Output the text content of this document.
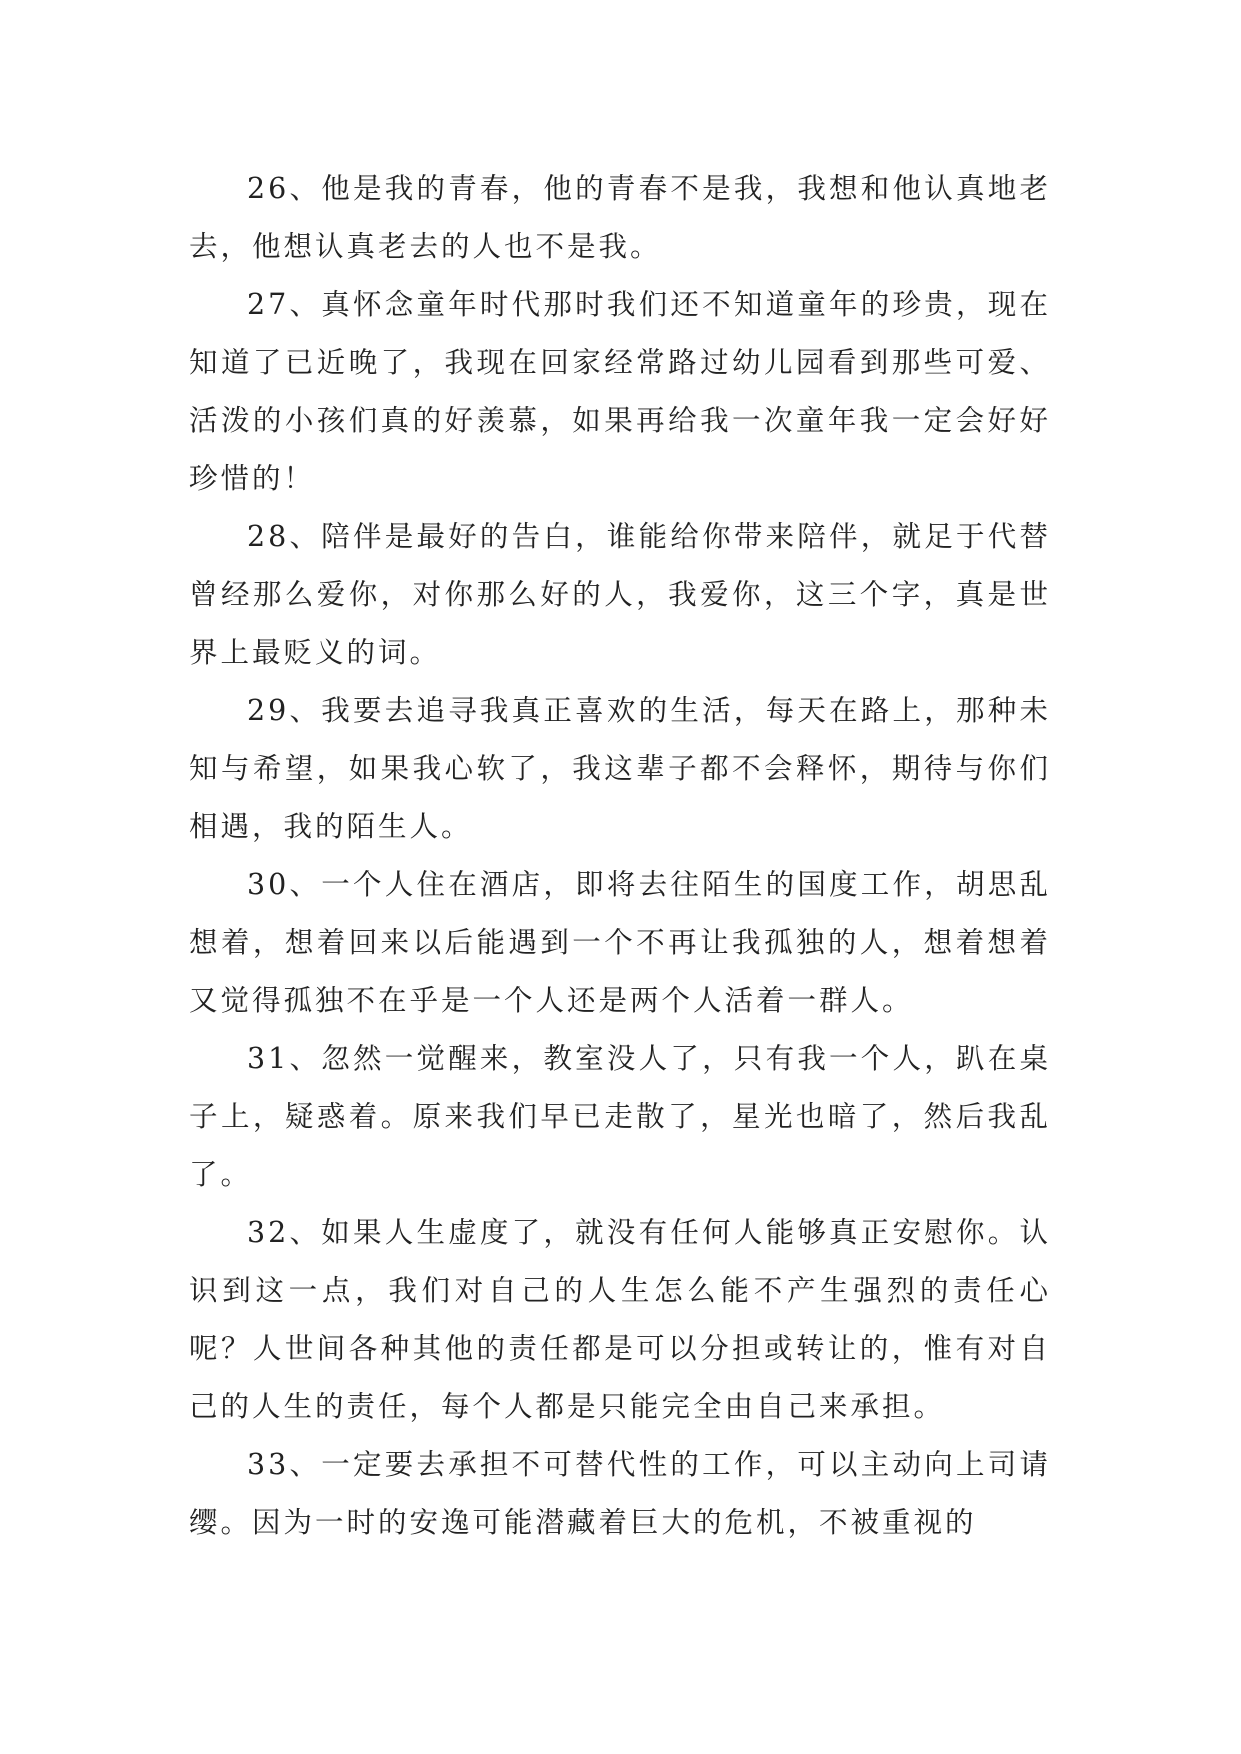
26、他是我的青春，他的青春不是我，我想和他认真地老去，他想认真老去的人也不是我。

27、真怀念童年时代那时我们还不知道童年的珍贵，现在知道了已近晚了，我现在回家经常路过幼儿园看到那些可爱、活泼的小孩们真的好羡慕，如果再给我一次童年我一定会好好珍惜的！

28、陪伴是最好的告白，谁能给你带来陪伴，就足于代替曾经那么爱你，对你那么好的人，我爱你，这三个字，真是世界上最贬义的词。

29、我要去追寻我真正喜欢的生活，每天在路上，那种未知与希望，如果我心软了，我这辈子都不会释怀，期待与你们相遇，我的陌生人。

30、一个人住在酒店，即将去往陌生的国度工作，胡思乱想着，想着回来以后能遇到一个不再让我孤独的人，想着想着又觉得孤独不在乎是一个人还是两个人活着一群人。

31、忽然一觉醒来，教室没人了，只有我一个人，趴在桌子上，疑惑着。原来我们早已走散了，星光也暗了，然后我乱了。

32、如果人生虚度了，就没有任何人能够真正安慰你。认识到这一点，我们对自己的人生怎么能不产生强烈的责任心呢？人世间各种其他的责任都是可以分担或转让的，惟有对自己的人生的责任，每个人都是只能完全由自己来承担。

33、一定要去承担不可替代性的工作，可以主动向上司请缨。因为一时的安逸可能潜藏着巨大的危机，不被重视的
